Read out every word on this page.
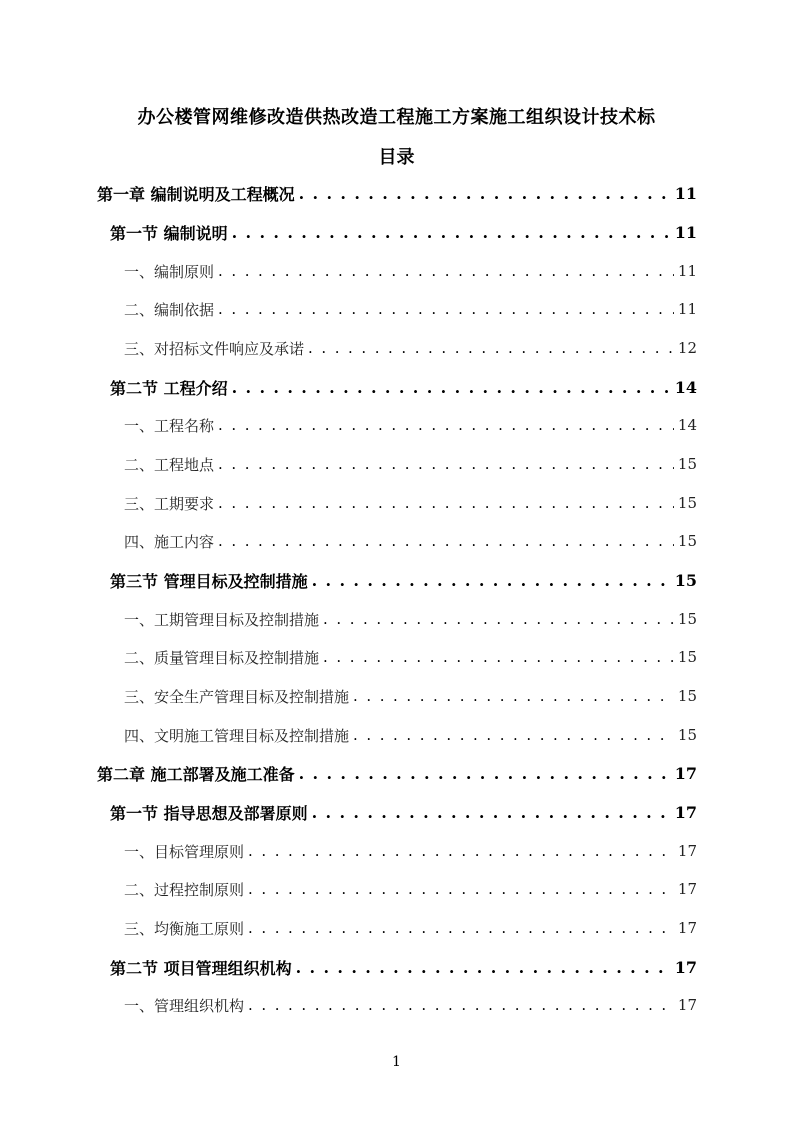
办公楼管网维修改造供热改造工程施工方案施工组织设计技术标
目录
第一章 编制说明及工程概况 . . .	11
第一节 编制说明 . . .	11
一、编制原则 . . .	11
二、编制依据 . . .	11
三、对招标文件响应及承诺 . . .	12
第二节 工程介绍 . . .	14
一、工程名称 . . .	14
二、工程地点 . . .	15
三、工期要求 . . .	15
四、施工内容 . . .	15
第三节 管理目标及控制措施 . . .	15
一、工期管理目标及控制措施 . . .	15
二、质量管理目标及控制措施 . . .	15
三、安全生产管理目标及控制措施 . . .	15
四、文明施工管理目标及控制措施 . . .	15
第二章 施工部署及施工准备 . . .	17
第一节 指导思想及部署原则 . . .	17
一、目标管理原则 . . .	17
二、过程控制原则 . . .	17
三、均衡施工原则 . . .	17
第二节 项目管理组织机构 . . .	17
一、管理组织机构 . . .	17
1
